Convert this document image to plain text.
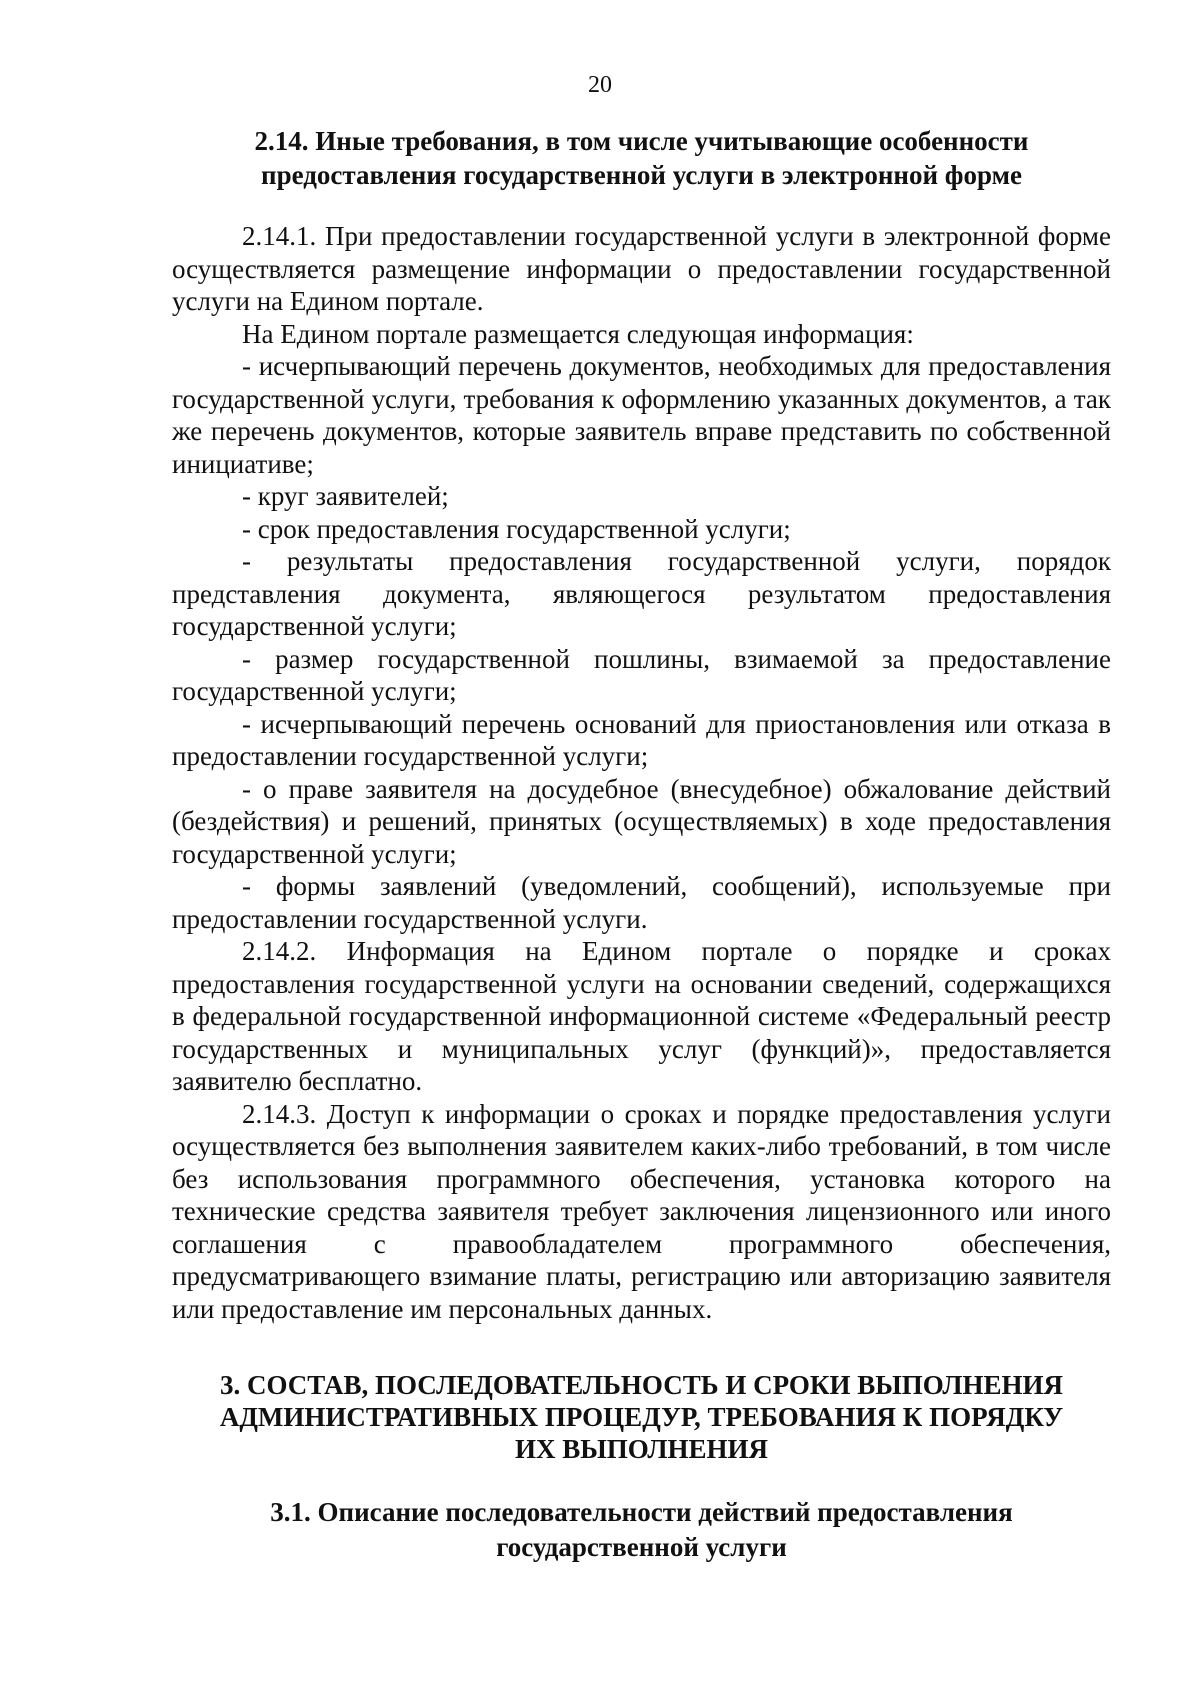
20

2.14. Иные требования, в том числе учитывающие особенности предоставления государственной услуги в электронной форме

2.14.1. При предоставлении государственной услуги в электронной форме осуществляется размещение информации о предоставлении государственной услуги на Едином портале.

На Едином портале размещается следующая информация:

- исчерпывающий перечень документов, необходимых для предоставления государственной услуги, требования к оформлению указанных документов, а так же перечень документов, которые заявитель вправе представить по собственной инициативе;

- круг заявителей;

- срок предоставления государственной услуги;

- результаты предоставления государственной услуги, порядок представления документа, являющегося результатом предоставления государственной услуги;

- размер государственной пошлины, взимаемой за предоставление государственной услуги;

- исчерпывающий перечень оснований для приостановления или отказа в предоставлении государственной услуги;

- о праве заявителя на досудебное (внесудебное) обжалование действий (бездействия) и решений, принятых (осуществляемых) в ходе предоставления государственной услуги;

- формы заявлений (уведомлений, сообщений), используемые при предоставлении государственной услуги.

2.14.2. Информация на Едином портале о порядке и сроках предоставления государственной услуги на основании сведений, содержащихся в федеральной государственной информационной системе «Федеральный реестр государственных и муниципальных услуг (функций)», предоставляется заявителю бесплатно.

2.14.3. Доступ к информации о сроках и порядке предоставления услуги осуществляется без выполнения заявителем каких-либо требований, в том числе без использования программного обеспечения, установка которого на технические средства заявителя требует заключения лицензионного или иного соглашения с правообладателем программного обеспечения, предусматривающего взимание платы, регистрацию или авторизацию заявителя или предоставление им персональных данных.

3. СОСТАВ, ПОСЛЕДОВАТЕЛЬНОСТЬ И СРОКИ ВЫПОЛНЕНИЯ
АДМИНИСТРАТИВНЫХ ПРОЦЕДУР, ТРЕБОВАНИЯ К ПОРЯДКУ
ИХ ВЫПОЛНЕНИЯ
3.1. Описание последовательности действий предоставления
государственной услуги
